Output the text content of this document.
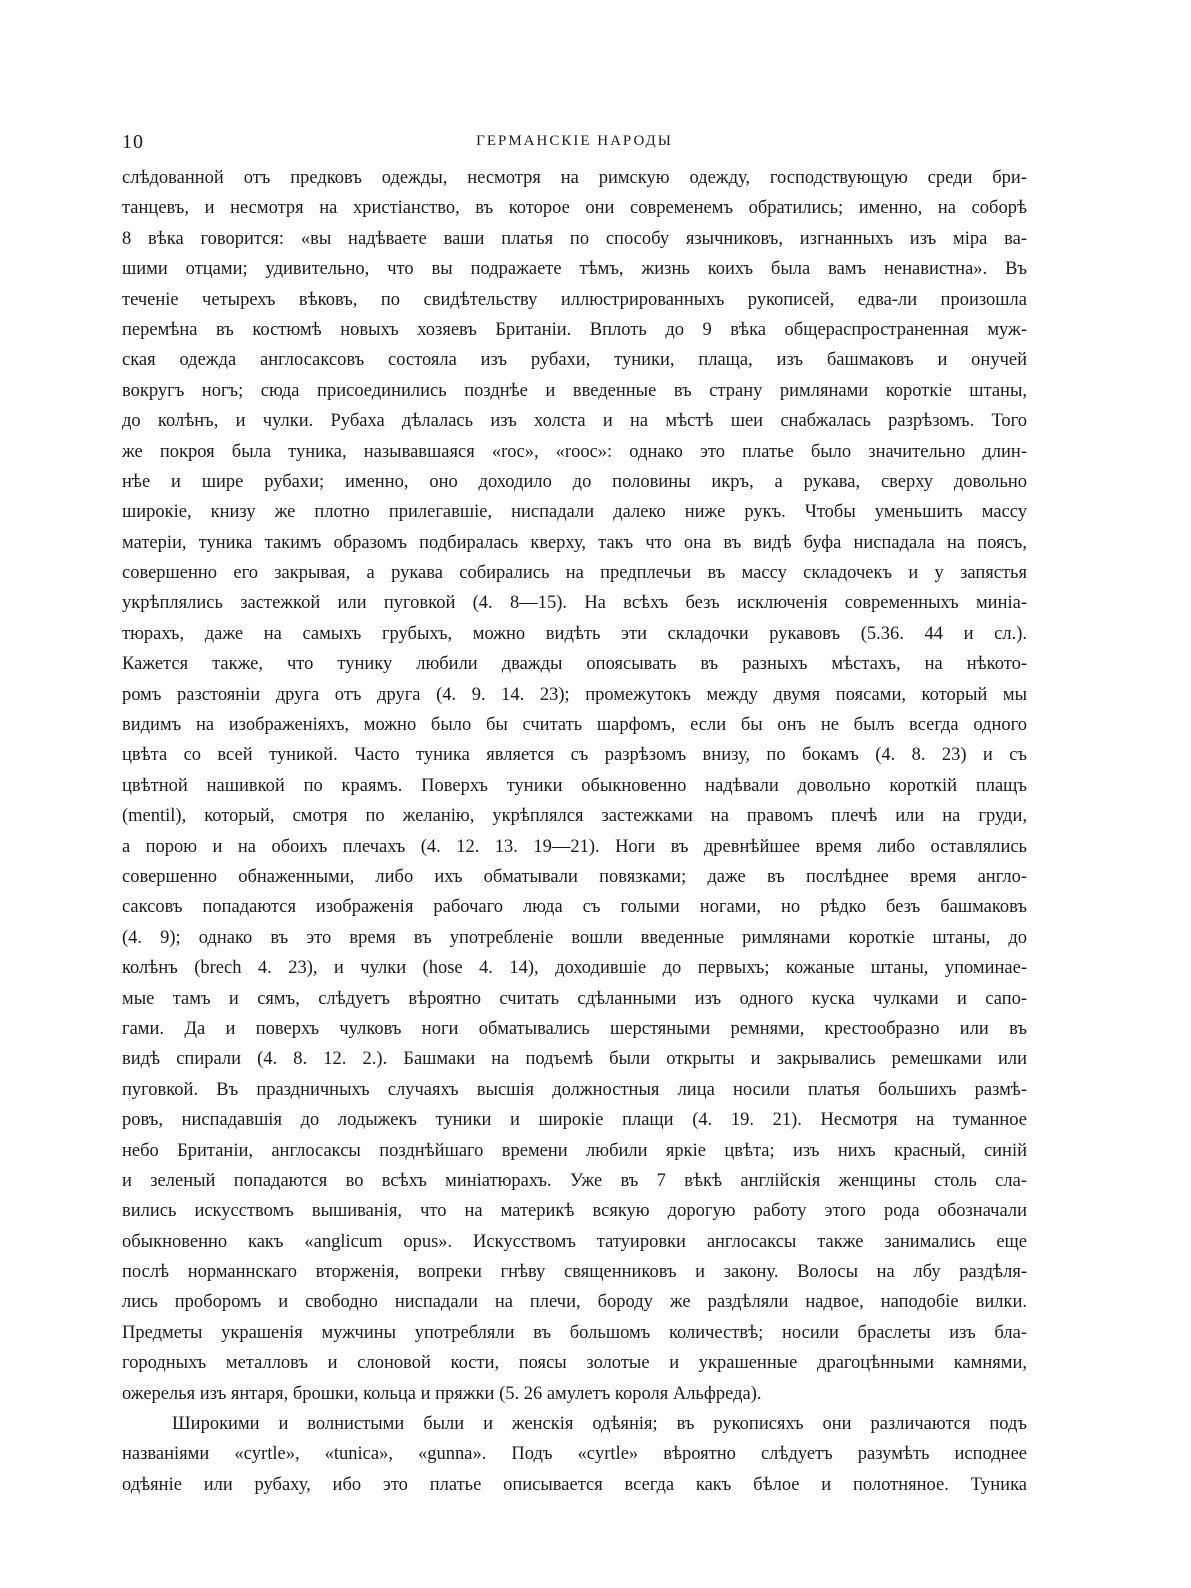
10	ГЕРМАНСКІЕ НАРОДЫ
слѣдованной отъ предковъ одежды, несмотря на римскую одежду, господствующую среди бри-
танцевъ, и несмотря на христіанство, въ которое они современемъ обратились; именно, на соборѣ
8 вѣка говорится: «вы надѣваете ваши платья по способу язычниковъ, изгнанныхъ изъ міра ва-
шими отцами; удивительно, что вы подражаете тѣмъ, жизнь коихъ была вамъ ненавистна». Въ
теченіе четырехъ вѣковъ, по свидѣтельству иллюстрированныхъ рукописей, едва-ли произошла
перемѣна въ костюмѣ новыхъ хозяевъ Британіи. Вплоть до 9 вѣка общераспространенная муж-
ская одежда англосаксовъ состояла изъ рубахи, туники, плаща, изъ башмаковъ и онучей
вокругъ ногъ; сюда присоединились позднѣе и введенные въ страну римлянами короткіе штаны,
до колѣнъ, и чулки. Рубаха дѣлалась изъ холста и на мѣстѣ шеи снабжалась разрѣзомъ. Того
же покроя была туника, называвшаяся «roc», «rooc»: однако это платье было значительно длин-
нѣе и шире рубахи; именно, оно доходило до половины икръ, а рукава, сверху довольно
широкіе, книзу же плотно прилегавшіе, ниспадали далеко ниже рукъ. Чтобы уменьшить массу
матеріи, туника такимъ образомъ подбиралась кверху, такъ что она въ видѣ буфа ниспадала на поясъ,
совершенно его закрывая, а рукава собирались на предплечьи въ массу складочекъ и у запястья
укрѣплялись застежкой или пуговкой (4. 8—15). На всѣхъ безъ исключенія современныхъ миніа-
тюрахъ, даже на самыхъ грубыхъ, можно видѣть эти складочки рукавовъ (5.36. 44 и сл.).
Кажется также, что тунику любили дважды опоясывать въ разныхъ мѣстахъ, на нѣкото-
ромъ разстояніи друга отъ друга (4. 9. 14. 23); промежутокъ между двумя поясами, который мы
видимъ на изображеніяхъ, можно было бы считать шарфомъ, если бы онъ не былъ всегда одного
цвѣта со всей туникой. Часто туника является съ разрѣзомъ внизу, по бокамъ (4. 8. 23) и съ
цвѣтной нашивкой по краямъ. Поверхъ туники обыкновенно надѣвали довольно короткій плащъ
(mentil), который, смотря по желанію, укрѣплялся застежками на правомъ плечѣ или на груди,
а порою и на обоихъ плечахъ (4. 12. 13. 19—21). Ноги въ древнѣйшее время либо оставлялись
совершенно обнаженными, либо ихъ обматывали повязками; даже въ послѣднее время англо-
саксовъ попадаются изображенія рабочаго люда съ голыми ногами, но рѣдко безъ башмаковъ
(4. 9); однако въ это время въ употребленіе вошли введенные римлянами короткіе штаны, до
колѣнъ (brech 4. 23), и чулки (hose 4. 14), доходившіе до первыхъ; кожаные штаны, упоминае-
мые тамъ и сямъ, слѣдуетъ вѣроятно считать сдѣланными изъ одного куска чулками и сапо-
гами. Да и поверхъ чулковъ ноги обматывались шерстяными ремнями, крестообразно или въ
видѣ спирали (4. 8. 12. 2.). Башмаки на подъемѣ были открыты и закрывались ремешками или
пуговкой. Въ праздничныхъ случаяхъ высшія должностныя лица носили платья большихъ размѣ-
ровъ, ниспадавшія до лодыжекъ туники и широкіе плащи (4. 19. 21). Несмотря на туманное
небо Британіи, англосаксы позднѣйшаго времени любили яркіе цвѣта; изъ нихъ красный, синій
и зеленый попадаются во всѣхъ миніатюрахъ. Уже въ 7 вѣкѣ англійскія женщины столь сла-
вились искусствомъ вышиванія, что на материкѣ всякую дорогую работу этого рода обозначали
обыкновенно какъ «anglicum opus». Искусствомъ татуировки англосаксы также занимались еще
послѣ норманнскаго вторженія, вопреки гнѣву священниковъ и закону. Волосы на лбу раздѣля-
лись проборомъ и свободно ниспадали на плечи, бороду же раздѣляли надвое, наподобіе вилки.
Предметы украшенія мужчины употребляли въ большомъ количествѣ; носили браслеты изъ бла-
городныхъ металловъ и слоновой кости, поясы золотые и украшенные драгоцѣнными камнями,
ожерелья изъ янтаря, брошки, кольца и пряжки (5. 26 амулетъ короля Альфреда).
Широкими и волнистыми были и женскія одѣянія; въ рукописяхъ они различаются подъ
названіями «cyrtle», «tunica», «gunna». Подъ «cyrtle» вѣроятно слѣдуетъ разумѣть исподнее
одѣяніе или рубаху, ибо это платье описывается всегда какъ бѣлое и полотняное. Туника
